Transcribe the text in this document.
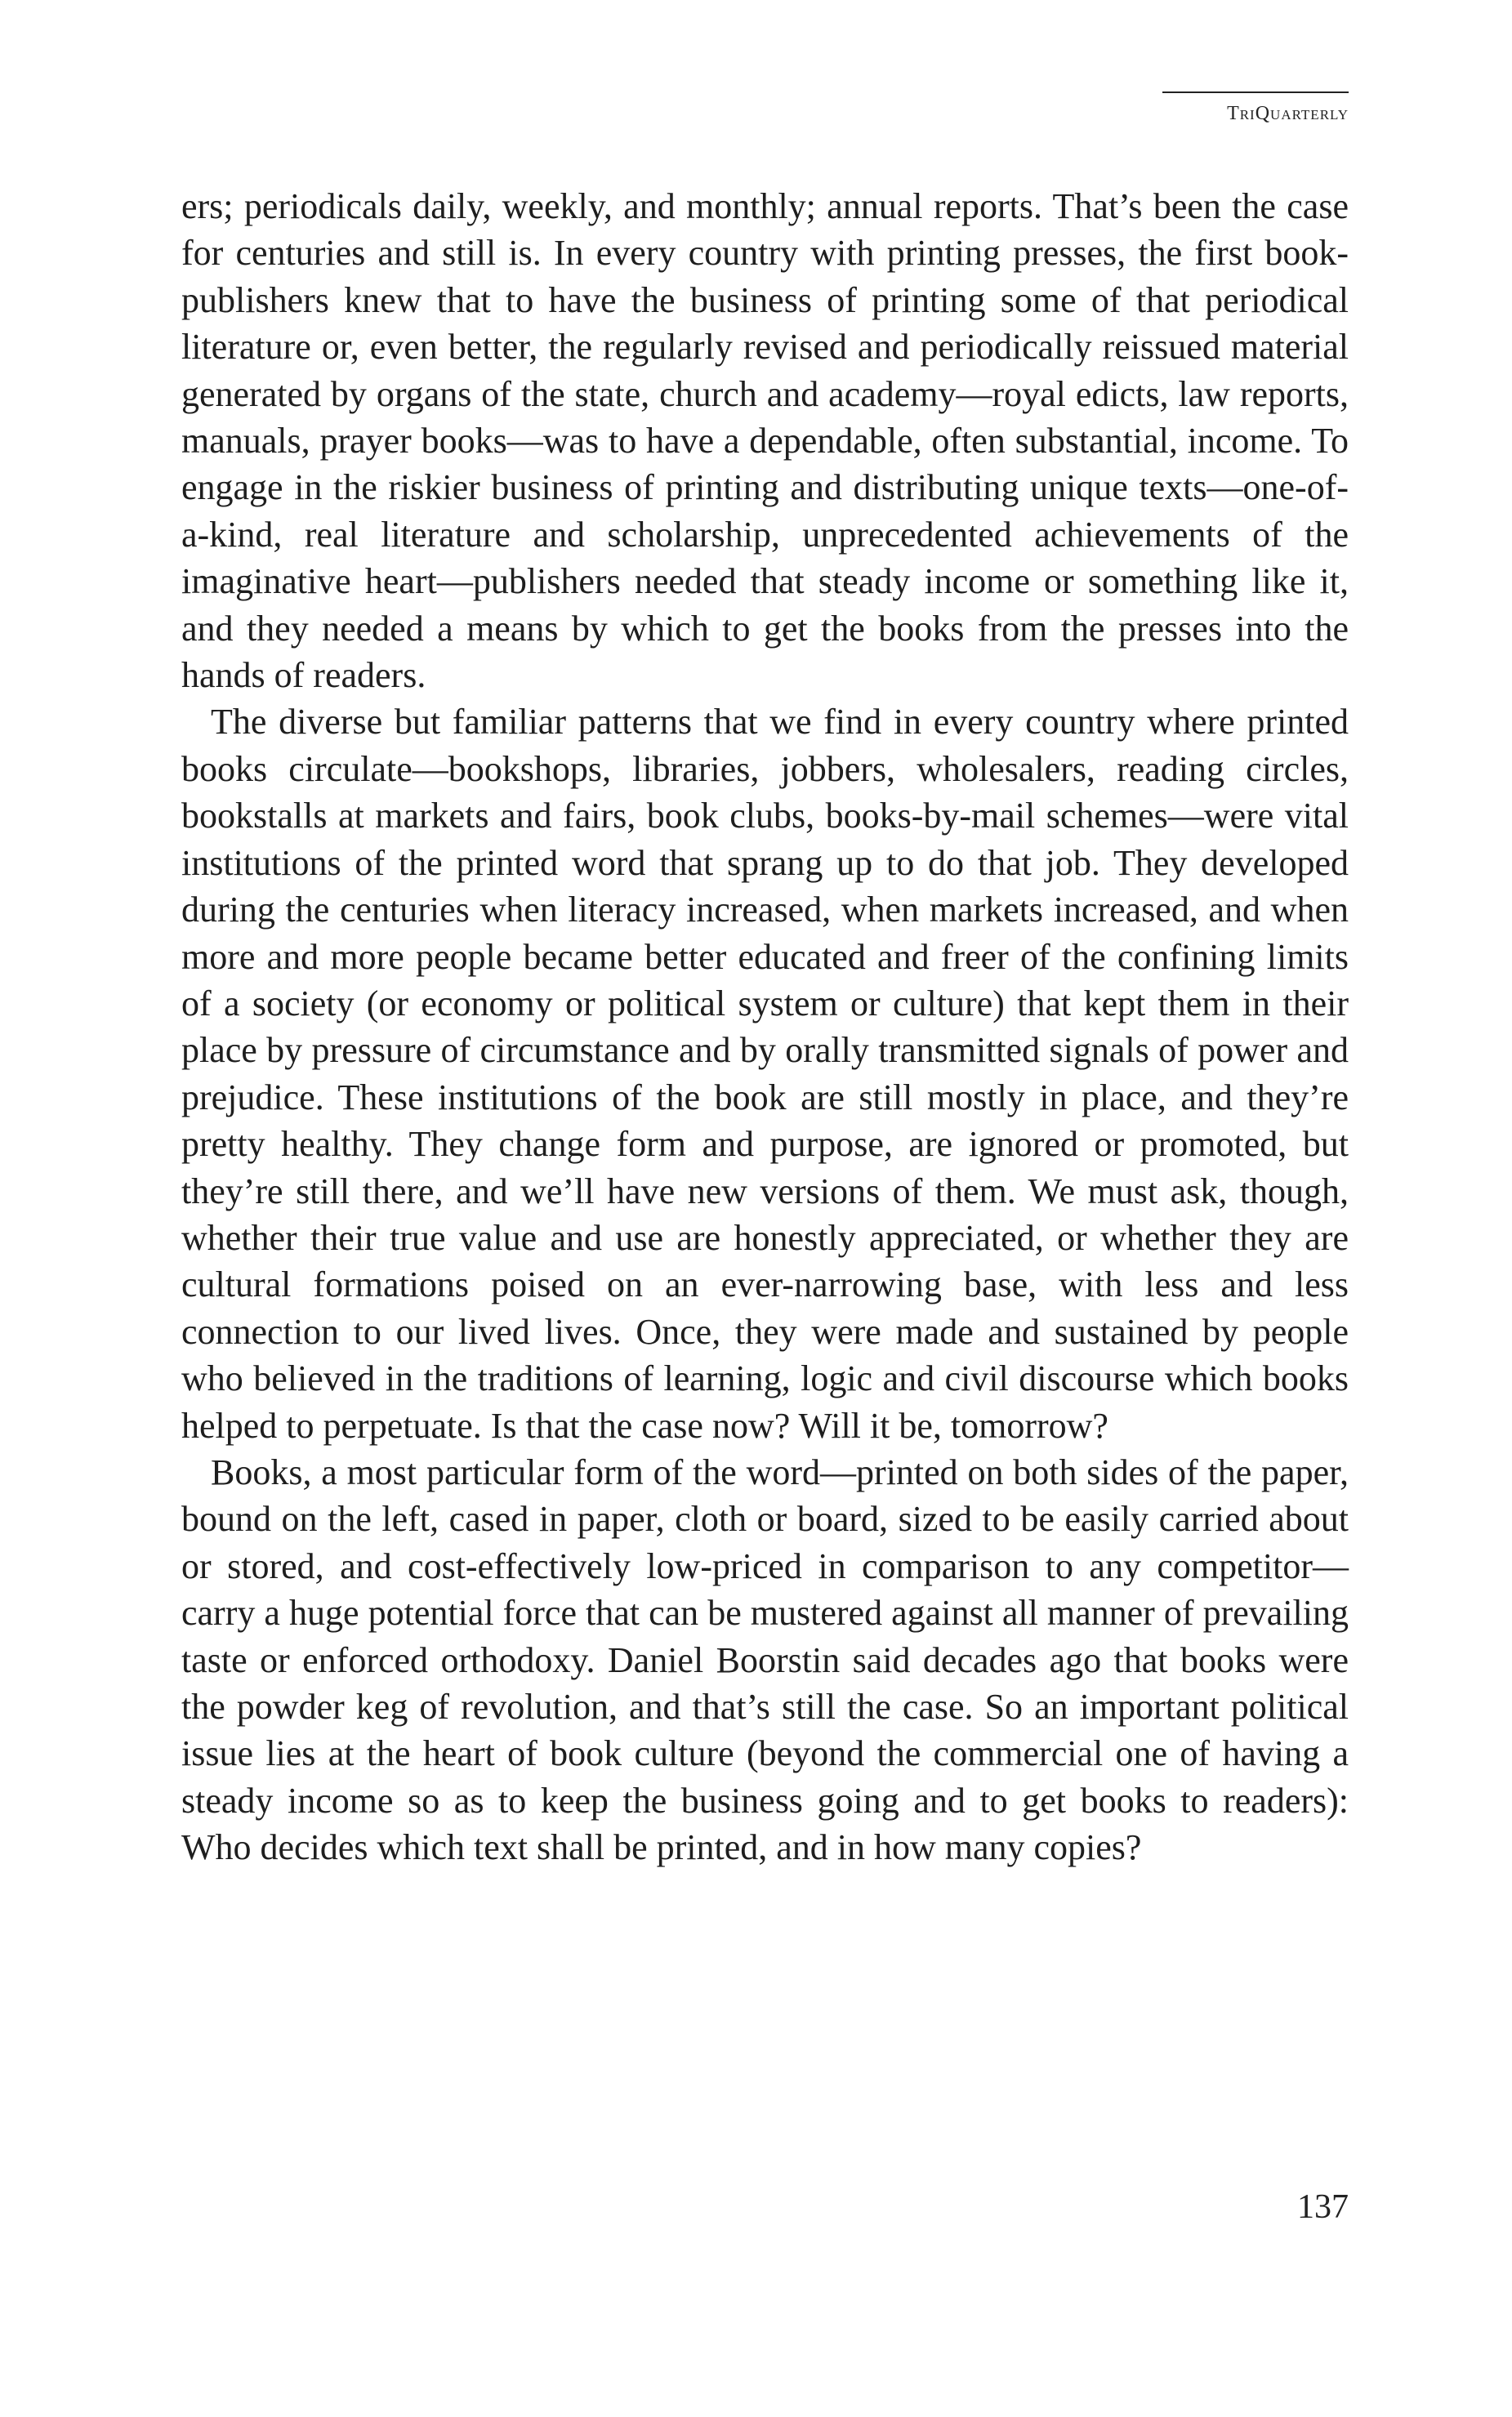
TriQuarterly

ers; periodicals daily, weekly, and monthly; annual reports. That’s been the case for centuries and still is. In every country with printing presses, the first book-publishers knew that to have the business of printing some of that periodical literature or, even better, the regularly revised and periodically reissued material generated by organs of the state, church and academy—royal edicts, law reports, manuals, prayer books—was to have a dependable, often substantial, income. To engage in the riskier business of printing and distributing unique texts—one-of-a-kind, real literature and scholarship, unprecedented achievements of the imaginative heart—publishers needed that steady income or something like it, and they needed a means by which to get the books from the presses into the hands of readers.

The diverse but familiar patterns that we find in every country where printed books circulate—bookshops, libraries, jobbers, wholesalers, reading circles, bookstalls at markets and fairs, book clubs, books-by-mail schemes—were vital institutions of the printed word that sprang up to do that job. They developed during the centuries when literacy increased, when markets increased, and when more and more people became better educated and freer of the confining limits of a society (or economy or political system or culture) that kept them in their place by pressure of circumstance and by orally transmitted signals of power and prejudice. These institutions of the book are still mostly in place, and they’re pretty healthy. They change form and purpose, are ignored or promoted, but they’re still there, and we’ll have new versions of them. We must ask, though, whether their true value and use are honestly appreciated, or whether they are cultural formations poised on an ever-narrowing base, with less and less connection to our lived lives. Once, they were made and sustained by people who believed in the traditions of learning, logic and civil discourse which books helped to perpetuate. Is that the case now? Will it be, tomorrow?

Books, a most particular form of the word—printed on both sides of the paper, bound on the left, cased in paper, cloth or board, sized to be easily carried about or stored, and cost-effectively low-priced in comparison to any competitor—carry a huge potential force that can be mustered against all manner of prevailing taste or enforced orthodoxy. Daniel Boorstin said decades ago that books were the powder keg of revolution, and that’s still the case. So an important political issue lies at the heart of book culture (beyond the commercial one of having a steady income so as to keep the business going and to get books to readers): Who decides which text shall be printed, and in how many copies?

137
